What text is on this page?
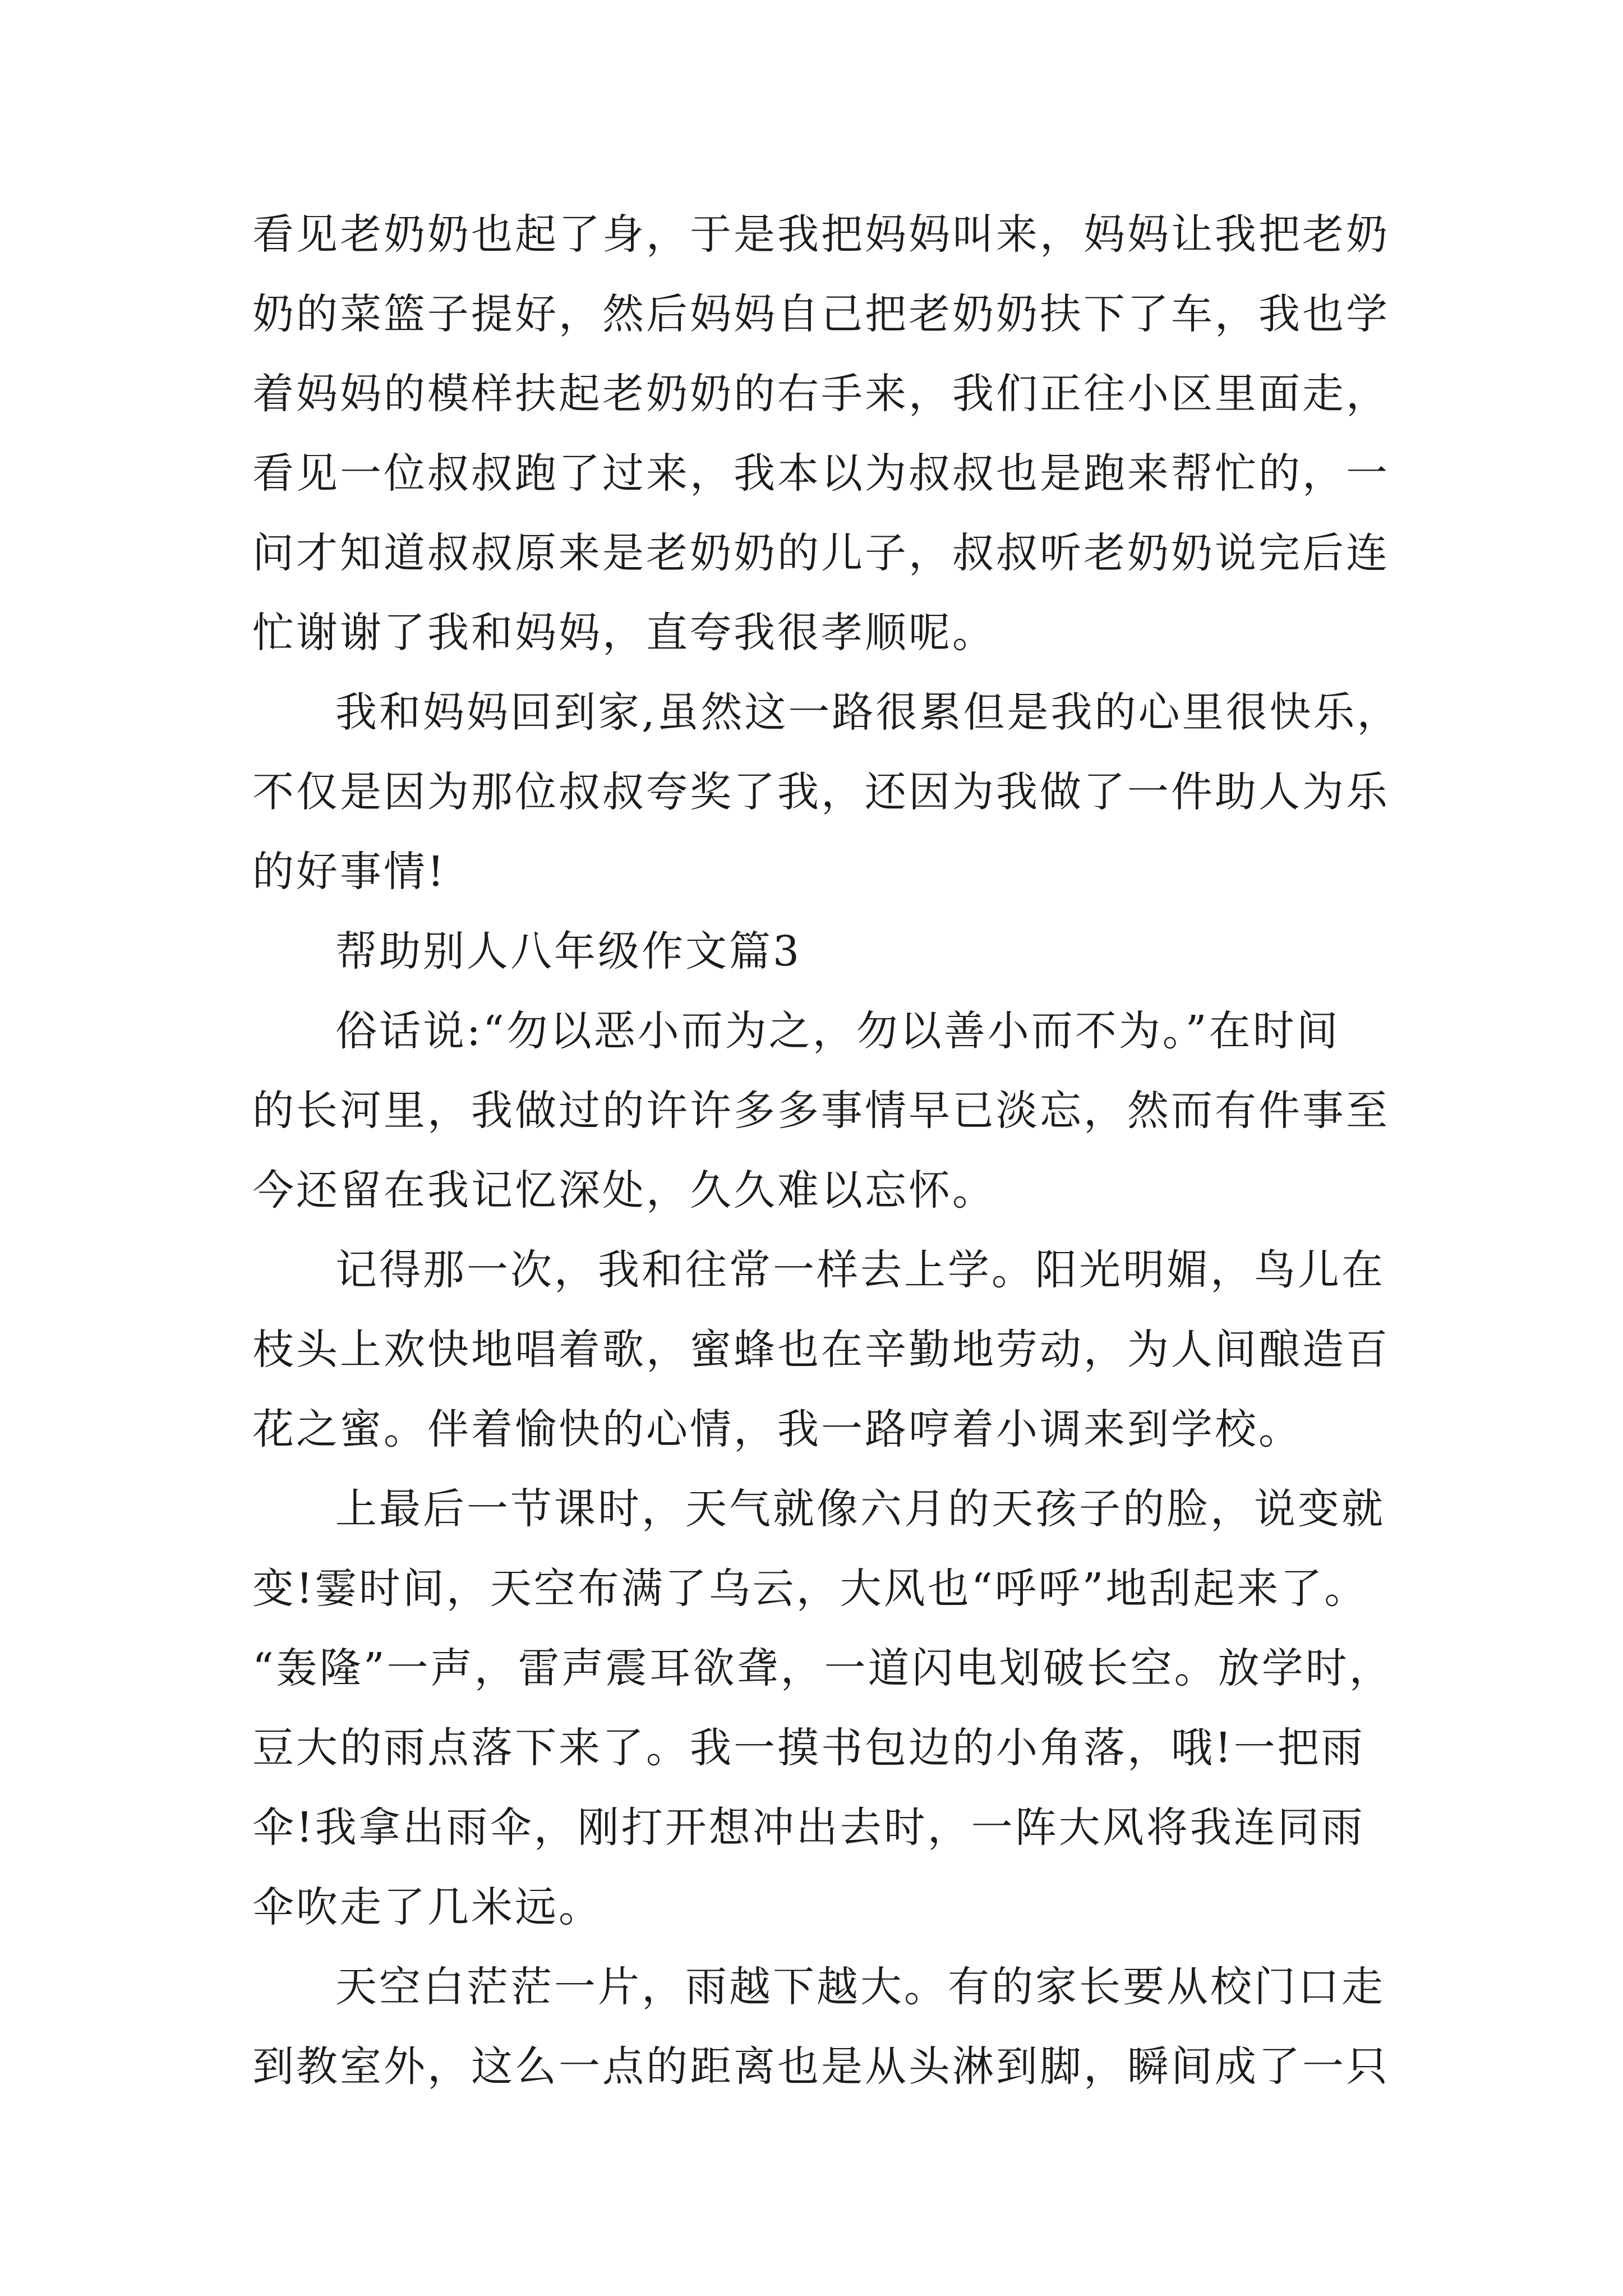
看见老奶奶也起了身，于是我把妈妈叫来，妈妈让我把老奶
奶的菜篮子提好，然后妈妈自己把老奶奶扶下了车，我也学
着妈妈的模样扶起老奶奶的右手来，我们正往小区里面走，
看见一位叔叔跑了过来，我本以为叔叔也是跑来帮忙的，一
问才知道叔叔原来是老奶奶的儿子，叔叔听老奶奶说完后连
忙谢谢了我和妈妈，直夸我很孝顺呢。
我和妈妈回到家,虽然这一路很累但是我的心里很快乐，
不仅是因为那位叔叔夸奖了我，还因为我做了一件助人为乐
的好事情!
帮助别人八年级作文篇3
俗话说:“勿以恶小而为之，勿以善小而不为。”在时间
的长河里，我做过的许许多多事情早已淡忘，然而有件事至
今还留在我记忆深处，久久难以忘怀。
记得那一次，我和往常一样去上学。阳光明媚，鸟儿在
枝头上欢快地唱着歌，蜜蜂也在辛勤地劳动，为人间酿造百
花之蜜。伴着愉快的心情，我一路哼着小调来到学校。
上最后一节课时，天气就像六月的天孩子的脸，说变就
变!霎时间，天空布满了乌云，大风也“呼呼”地刮起来了。
“轰隆”一声，雷声震耳欲聋，一道闪电划破长空。放学时，
豆大的雨点落下来了。我一摸书包边的小角落，哦!一把雨
伞!我拿出雨伞，刚打开想冲出去时，一阵大风将我连同雨
伞吹走了几米远。
天空白茫茫一片，雨越下越大。有的家长要从校门口走
到教室外，这么一点的距离也是从头淋到脚，瞬间成了一只
